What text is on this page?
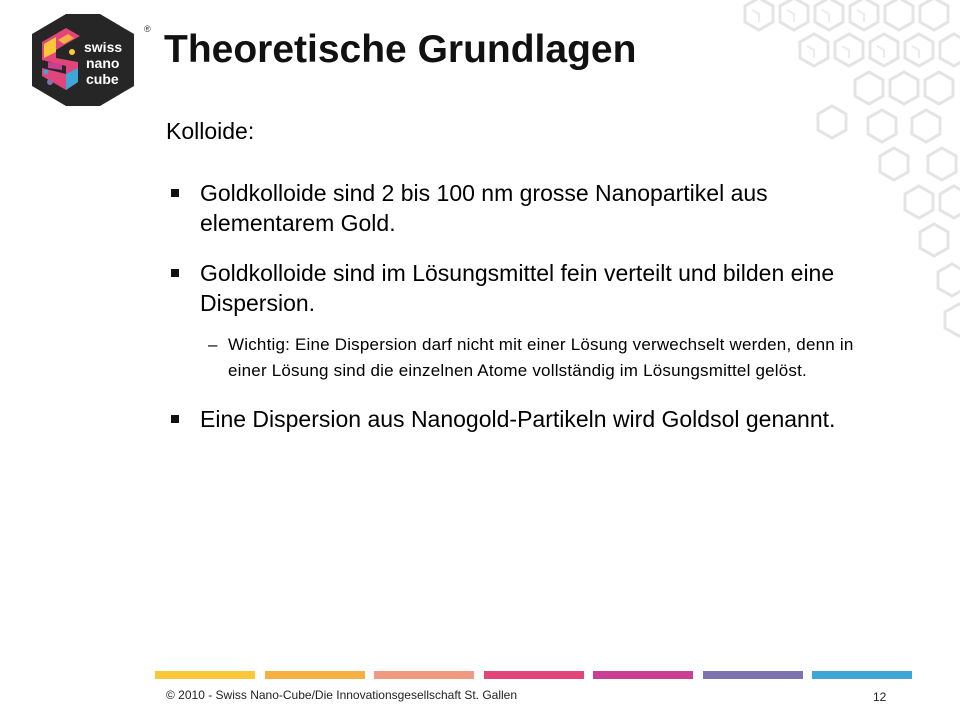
swiss
nano
cube
® Theoretische Grundlagen
Kolloide:
Goldkolloide sind 2 bis 100 nm grosse Nanopartikel aus elementarem Gold.
Goldkolloide sind im Lösungsmittel fein verteilt und bilden eine Dispersion.
– Wichtig: Eine Dispersion darf nicht mit einer Lösung verwechselt werden, denn in einer Lösung sind die einzelnen Atome vollständig im Lösungsmittel gelöst.
Eine Dispersion aus Nanogold-Partikeln wird Goldsol genannt.
© 2010 - Swiss Nano-Cube/Die Innovationsgesellschaft St. Gallen	12
